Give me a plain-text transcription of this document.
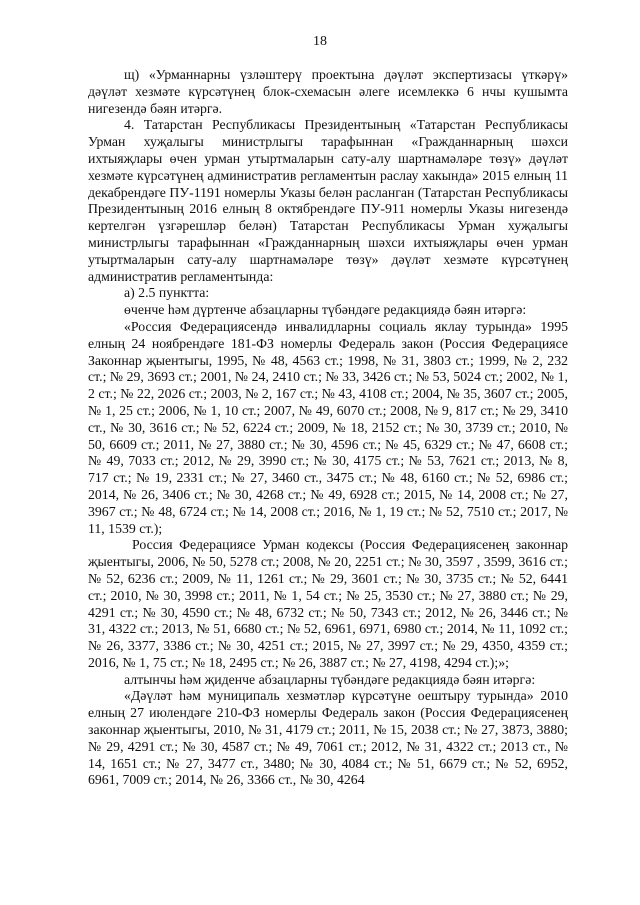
18

щ) «Урманнарны үзләштерү проектына дәүләт экспертизасы үткәрү» дәүләт хезмәте күрсәтүнең блок-схемасын әлеге исемлеккә 6 нчы кушымта нигезендә бәян итәргә.

4. Татарстан Республикасы Президентының «Татарстан Республикасы Урман хуҗалыгы министрлыгы тарафыннан «Гражданнарның шәхси ихтыяҗлары өчен урман утыртмаларын сату-алу шартнамәләре төзү» дәүләт хезмәте күрсәтүнең административ регламентын раслау хакында» 2015 елның 11 декабрендәге ПУ-1191 номерлы Указы белән расланган (Татарстан Республикасы Президентының 2016 елның 8 октябрендәге ПУ-911 номерлы Указы нигезендә кертелгән үзгәрешләр белән) Татарстан Республикасы Урман хуҗалыгы министрлыгы тарафыннан «Гражданнарның шәхси ихтыяҗлары өчен урман утыртмаларын сату-алу шартнамәләре төзү» дәүләт хезмәте күрсәтүнең административ регламентында:

а) 2.5 пунктта:

өченче һәм дүртенче абзацларны түбәндәге редакциядә бәян итәргә:

«Россия Федерациясендә инвалидларны социаль яклау турында» 1995 елның 24 ноябрендәге 181-ФЗ номерлы Федераль закон (Россия Федерациясе Законнар җыентыгы, 1995, № 48, 4563 ст.; 1998, № 31, 3803 ст.; 1999, № 2, 232 ст.; № 29, 3693 ст.; 2001, № 24, 2410 ст.; № 33, 3426 ст.; № 53, 5024 ст.; 2002, № 1, 2 ст.; № 22, 2026 ст.; 2003, № 2, 167 ст.; № 43, 4108 ст.; 2004, № 35, 3607 ст.; 2005, № 1, 25 ст.; 2006, № 1, 10 ст.; 2007, № 49, 6070 ст.; 2008, № 9, 817 ст.; № 29, 3410 ст., № 30, 3616 ст.; № 52, 6224 ст.; 2009, № 18, 2152 ст.; № 30, 3739 ст.; 2010, № 50, 6609 ст.; 2011, № 27, 3880 ст.; № 30, 4596 ст.; № 45, 6329 ст.; № 47, 6608 ст.; № 49, 7033 ст.; 2012, № 29, 3990 ст.; № 30, 4175 ст.; № 53, 7621 ст.; 2013, № 8, 717 ст.; № 19, 2331 ст.; № 27, 3460 ст., 3475 ст.; № 48, 6160 ст.; № 52, 6986 ст.; 2014, № 26, 3406 ст.; № 30, 4268 ст.; № 49, 6928 ст.; 2015, № 14, 2008 ст.; № 27, 3967 ст.; № 48, 6724 ст.; № 14, 2008 ст.; 2016, № 1, 19 ст.; № 52, 7510 ст.; 2017, № 11, 1539 ст.);

Россия Федерациясе Урман кодексы (Россия Федерациясенең законнар җыентыгы, 2006, № 50, 5278 ст.; 2008, № 20, 2251 ст.; № 30, 3597 , 3599, 3616 ст.; № 52, 6236 ст.; 2009, № 11, 1261 ст.; № 29, 3601 ст.; № 30, 3735 ст.; № 52, 6441 ст.; 2010, № 30, 3998 ст.; 2011, № 1, 54 ст.; № 25, 3530 ст.; № 27, 3880 ст.; № 29, 4291 ст.; № 30, 4590 ст.; № 48, 6732 ст.; № 50, 7343 ст.; 2012, № 26, 3446 ст.; № 31, 4322 ст.; 2013, № 51, 6680 ст.; № 52, 6961, 6971, 6980 ст.; 2014, № 11, 1092 ст.; № 26, 3377, 3386 ст.; № 30, 4251 ст.; 2015, № 27, 3997 ст.; № 29, 4350, 4359 ст.; 2016, № 1, 75 ст.; № 18, 2495 ст.; № 26, 3887 ст.; № 27, 4198, 4294 ст.);»;

алтынчы һәм җиденче абзацларны түбәндәге редакциядә бәян итәргә:

«Дәүләт һәм муниципаль хезмәтләр күрсәтүне оештыру турында» 2010 елның 27 июлендәге 210-ФЗ номерлы Федераль закон (Россия Федерациясенең законнар җыентыгы, 2010, № 31, 4179 ст.; 2011, № 15, 2038 ст.; № 27, 3873, 3880; № 29, 4291 ст.; № 30, 4587 ст.; № 49, 7061 ст.; 2012, № 31, 4322 ст.; 2013 ст., № 14, 1651 ст.; № 27, 3477 ст., 3480; № 30, 4084 ст.; № 51, 6679 ст.; № 52, 6952, 6961, 7009 ст.; 2014, № 26, 3366 ст., № 30, 4264
